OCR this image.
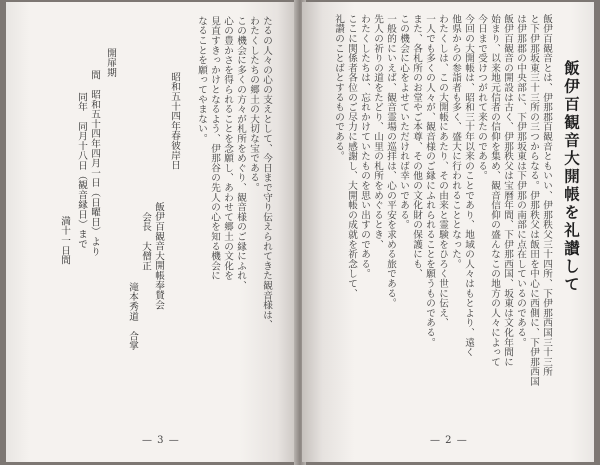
たるの人々の心の支えとして、今日まで守り伝えられてきた観音様は、
わたくしたちの郷土の大切な宝である。
この機会に多くの方々が札所をめぐり、観音様のご縁にふれ、
心の豊かさを得られることを念願し、あわせて郷土の文化を
見直すきっかけとなるよう、伊那谷の先人の心を知る機会に
なることを願ってやまない。
昭和五十四年春彼岸日
飯伊百観音大開帳奉賛会
会長　大僧正
滝本秀道　合掌
開扉期
間　昭和五十四年四月一日（日曜日）より
同年　同月十八日（観音縁日）まで
満十一日間
— 3 —
飯伊百観音大開帳を礼讃して
飯伊百観音とは、伊那郡百観音ともいい、伊那秩父三十四所、下伊那西国三十三所
と下伊那坂東三十三所の三つからなる。伊那秩父は飯田を中心に西側に、下伊那西国
は伊那郡の中央部に、下伊那坂東は下伊那の南部に点在しているのである。
飯伊百観音の開設は古く、伊那秩父は宝暦年間、下伊那西国、坂東は文化年間に
始まり、以来地元信者の信仰を集め、観音信仰の盛んなこの地方の人々によって
今日まで受けつがれて来たのである。
今回の大開帳は、昭和三十年以来のことであり、地域の人々はもとより、遠く
他県からの参詣者も多く、盛大に行われることとなった。
わたくしは、この大開帳にあたり、その由来と霊験をひろく世に伝え、
一人でも多くの人々が、観音様のご縁にふれられることを願うものである。
また、各札所のお堂やご本尊、その他の文化財の保護にも、
この機会に心をよせていただければ幸いである。
一般的にいえば、観音霊場の巡拝は、心の平安を求める旅である。
先人の祈りの道をたどり、山里の札所をめぐるとき、
わたくしたちは、忘れかけていたものを思い出すのである。
ここに関係者各位のご尽力に感謝し、大開帳の成就を祈念して、
礼讃のことばとするものである。
— 2 —
